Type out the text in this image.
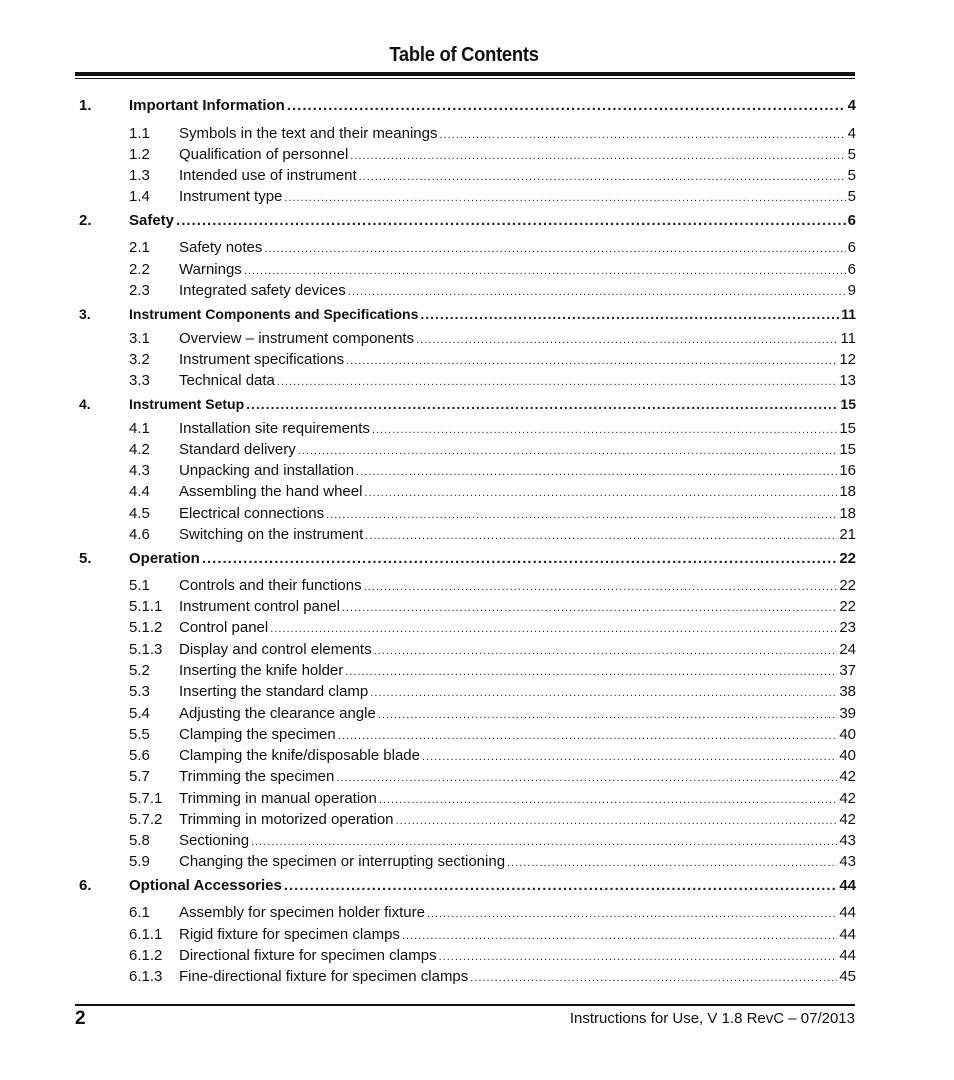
Table of Contents
1. Important Information .....	4
1.1 Symbols in the text and their meanings .....	4
1.2 Qualification of personnel .....	5
1.3 Intended use of instrument .....	5
1.4 Instrument type .....	5
2. Safety .....	6
2.1 Safety notes .....	6
2.2 Warnings .....	6
2.3 Integrated safety devices .....	9
3.	Instrument Components and Specifications .....	11
3.1 Overview – instrument components .....	11
3.2 Instrument specifications .....	12
3.3 Technical data .....	13
4.	Instrument Setup .....	15
4.1 Installation site requirements .....	15
4.2 Standard delivery .....	15
4.3 Unpacking and installation .....	16
4.4 Assembling the hand wheel .....	18
4.5 Electrical connections .....	18
4.6 Switching on the instrument .....	21
5. Operation .....	22
5.1 Controls and their functions .....	22
5.1.1 Instrument control panel .....	22
5.1.2 Control panel .....	23
5.1.3 Display and control elements .....	24
5.2 Inserting the knife holder .....	37
5.3 Inserting the standard clamp .....	38
5.4 Adjusting the clearance angle .....	39
5.5 Clamping the specimen .....	40
5.6 Clamping the knife/disposable blade .....	40
5.7 Trimming the specimen .....	42
5.7.1 Trimming in manual operation .....	42
5.7.2 Trimming in motorized operation .....	42
5.8 Sectioning .....	43
5.9 Changing the specimen or interrupting sectioning .....	43
6. Optional Accessories .....	44
6.1 Assembly for specimen holder fixture .....	44
6.1.1 Rigid fixture for specimen clamps .....	44
6.1.2 Directional fixture for specimen clamps .....	44
6.1.3 Fine-directional fixture for specimen clamps .....	45
2	Instructions for Use, V 1.8 RevC – 07/2013
